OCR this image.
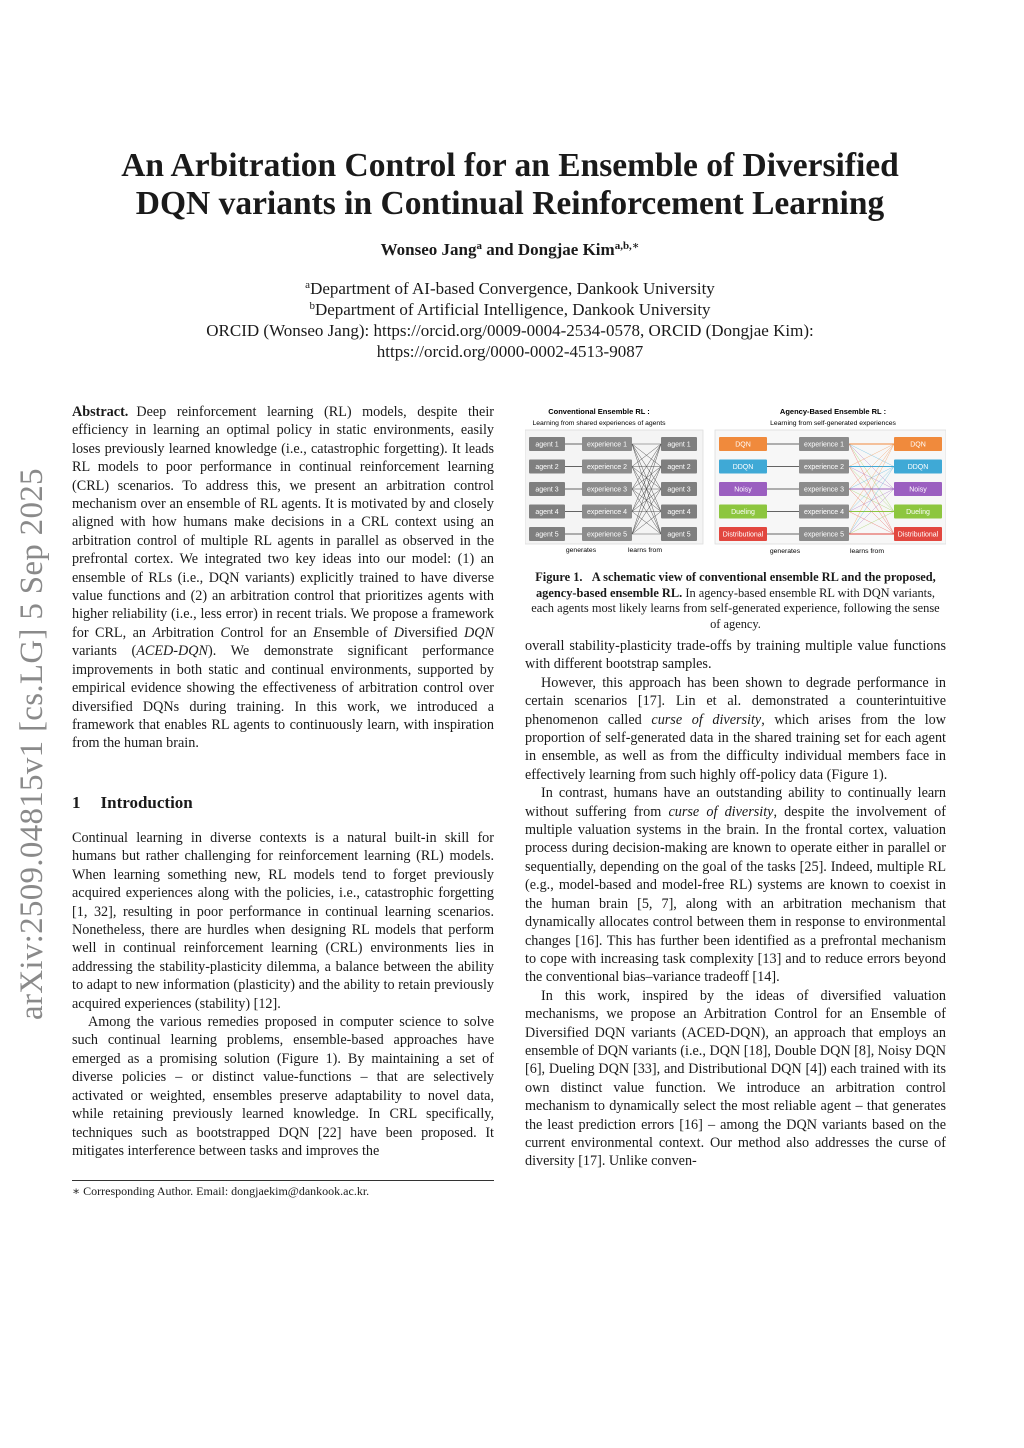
arXiv:2509.04815v1 [cs.LG] 5 Sep 2025
An Arbitration Control for an Ensemble of Diversified
DQN variants in Continual Reinforcement Learning
Wonseo Jang$^a$ and Dongjae Kim$^{a,b,∗}$
$^a$Department of AI-based Convergence, Dankook University
$^b$Department of Artificial Intelligence, Dankook University
ORCID (Wonseo Jang): https://orcid.org/0009-0004-2534-0578, ORCID (Dongjae Kim):
https://orcid.org/0000-0002-4513-9087

Abstract. Deep reinforcement learning (RL) models, despite their efficiency in learning an optimal policy in static environments, easily loses previously learned knowledge (i.e., catastrophic forgetting). It leads RL models to poor performance in continual reinforcement learning (CRL) scenarios. To address this, we present an arbitration control mechanism over an ensemble of RL agents. It is motivated by and closely aligned with how humans make decisions in a CRL context using an arbitration control of multiple RL agents in parallel as observed in the prefrontal cortex. We integrated two key ideas into our model: (1) an ensemble of RLs (i.e., DQN variants) explicitly trained to have diverse value functions and (2) an arbitration control that prioritizes agents with higher reliability (i.e., less error) in recent trials. We propose a framework for CRL, an Arbitration Control for an Ensemble of Diversified DQN variants (ACED-DQN). We demonstrate significant performance improvements in both static and continual environments, supported by empirical evidence showing the effectiveness of arbitration control over diversified DQNs during training. In this work, we introduced a framework that enables RL agents to continuously learn, with inspiration from the human brain.

1 Introduction

Continual learning in diverse contexts is a natural built-in skill for humans but rather challenging for reinforcement learning (RL) models. When learning something new, RL models tend to forget previously acquired experiences along with the policies, i.e., catastrophic forgetting [1, 32], resulting in poor performance in continual learning scenarios. Nonetheless, there are hurdles when designing RL models that perform well in continual reinforcement learning (CRL) environments lies in addressing the stability-plasticity dilemma, a balance between the ability to adapt to new information (plasticity) and the ability to retain previously acquired experiences (stability) [12].

Among the various remedies proposed in computer science to solve such continual learning problems, ensemble-based approaches have emerged as a promising solution (Figure 1). By maintaining a set of diverse policies – or distinct value-functions – that are selectively activated or weighted, ensembles preserve adaptability to novel data, while retaining previously learned knowledge. In CRL specifically, techniques such as bootstrapped DQN [22] have been proposed. It mitigates interference between tasks and improves the

∗ Corresponding Author. Email: dongjaekim@dankook.ac.kr.
Conventional Ensemble RL :
Learning from shared experiences of agents
Agency-Based Ensemble RL :
Learning from self-generated experiences
agent 1	experience 1	agent 1	DQN	experience 1	DQN
agent 2	experience 2	agent 2	DDQN	experience 2	DDQN
agent 3	experience 3	agent 3	Noisy	experience 3	Noisy
agent 4	experience 4	agent 4	Dueling	experience 4	Dueling
agent 5	experience 5	agent 5	Distributional	experience 5	Distributional
generates	learns from	generates	learns from
Figure 1. A schematic view of conventional ensemble RL and the proposed, agency-based ensemble RL. In agency-based ensemble RL with DQN variants, each agents most likely learns from self-generated experience, following the sense of agency.

overall stability-plasticity trade-offs by training multiple value functions with different bootstrap samples.

However, this approach has been shown to degrade performance in certain scenarios [17]. Lin et al. demonstrated a counterintuitive phenomenon called curse of diversity, which arises from the low proportion of self-generated data in the shared training set for each agent in ensemble, as well as from the difficulty individual members face in effectively learning from such highly off-policy data (Figure 1).

In contrast, humans have an outstanding ability to continually learn without suffering from curse of diversity, despite the involvement of multiple valuation systems in the brain. In the frontal cortex, valuation process during decision-making are known to operate either in parallel or sequentially, depending on the goal of the tasks [25]. Indeed, multiple RL (e.g., model-based and model-free RL) systems are known to coexist in the human brain [5, 7], along with an arbitration mechanism that dynamically allocates control between them in response to environmental changes [16]. This has further been identified as a prefrontal mechanism to cope with increasing task complexity [13] and to reduce errors beyond the conventional bias–variance tradeoff [14].

In this work, inspired by the ideas of diversified valuation mechanisms, we propose an Arbitration Control for an Ensemble of Diversified DQN variants (ACED-DQN), an approach that employs an ensemble of DQN variants (i.e., DQN [18], Double DQN [8], Noisy DQN [6], Dueling DQN [33], and Distributional DQN [4]) each trained with its own distinct value function. We introduce an arbitration control mechanism to dynamically select the most reliable agent – that generates the least prediction errors [16] – among the DQN variants based on the current environmental context. Our method also addresses the curse of diversity [17]. Unlike conven-
